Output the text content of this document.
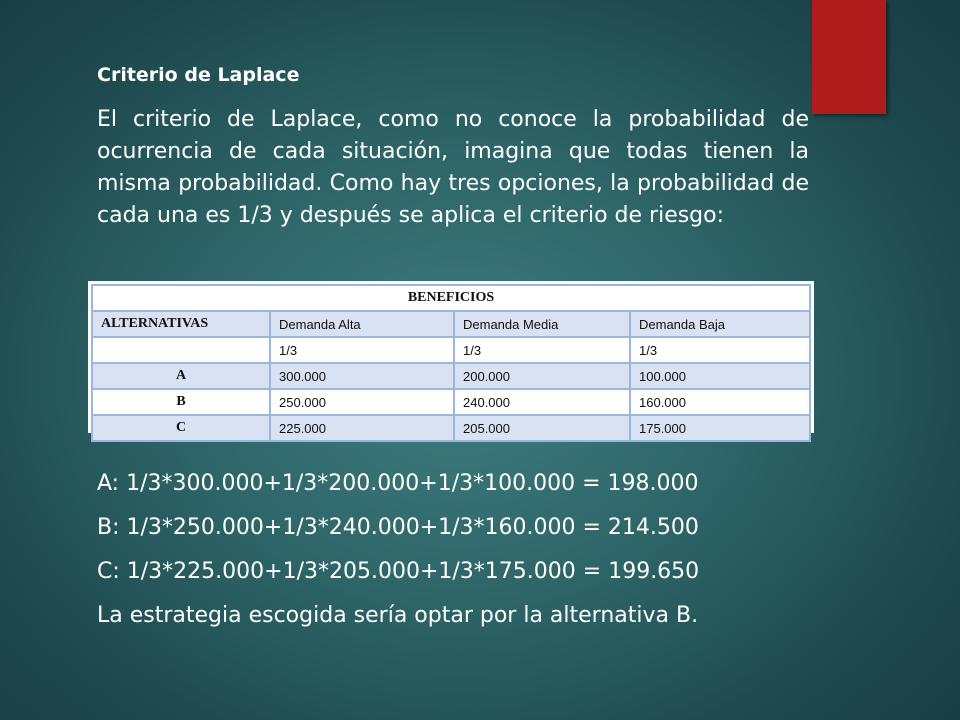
Criterio de Laplace

El criterio de Laplace, como no conoce la probabilidad de ocurrencia de cada situación, imagina que todas tienen la misma probabilidad. Como hay tres opciones, la probabilidad de cada una es 1/3 y después se aplica el criterio de riesgo:

BENEFICIOS			
ALTERNATIVAS	Demanda Alta	Demanda Media	Demanda Baja
	1/3	1/3	1/3
A	300.000	200.000	100.000
B	250.000	240.000	160.000
C	225.000	205.000	175.000

A: 1/3*300.000+1/3*200.000+1/3*100.000 = 198.000

B: 1/3*250.000+1/3*240.000+1/3*160.000 = 214.500

C: 1/3*225.000+1/3*205.000+1/3*175.000 = 199.650

La estrategia escogida sería optar por la alternativa B.
